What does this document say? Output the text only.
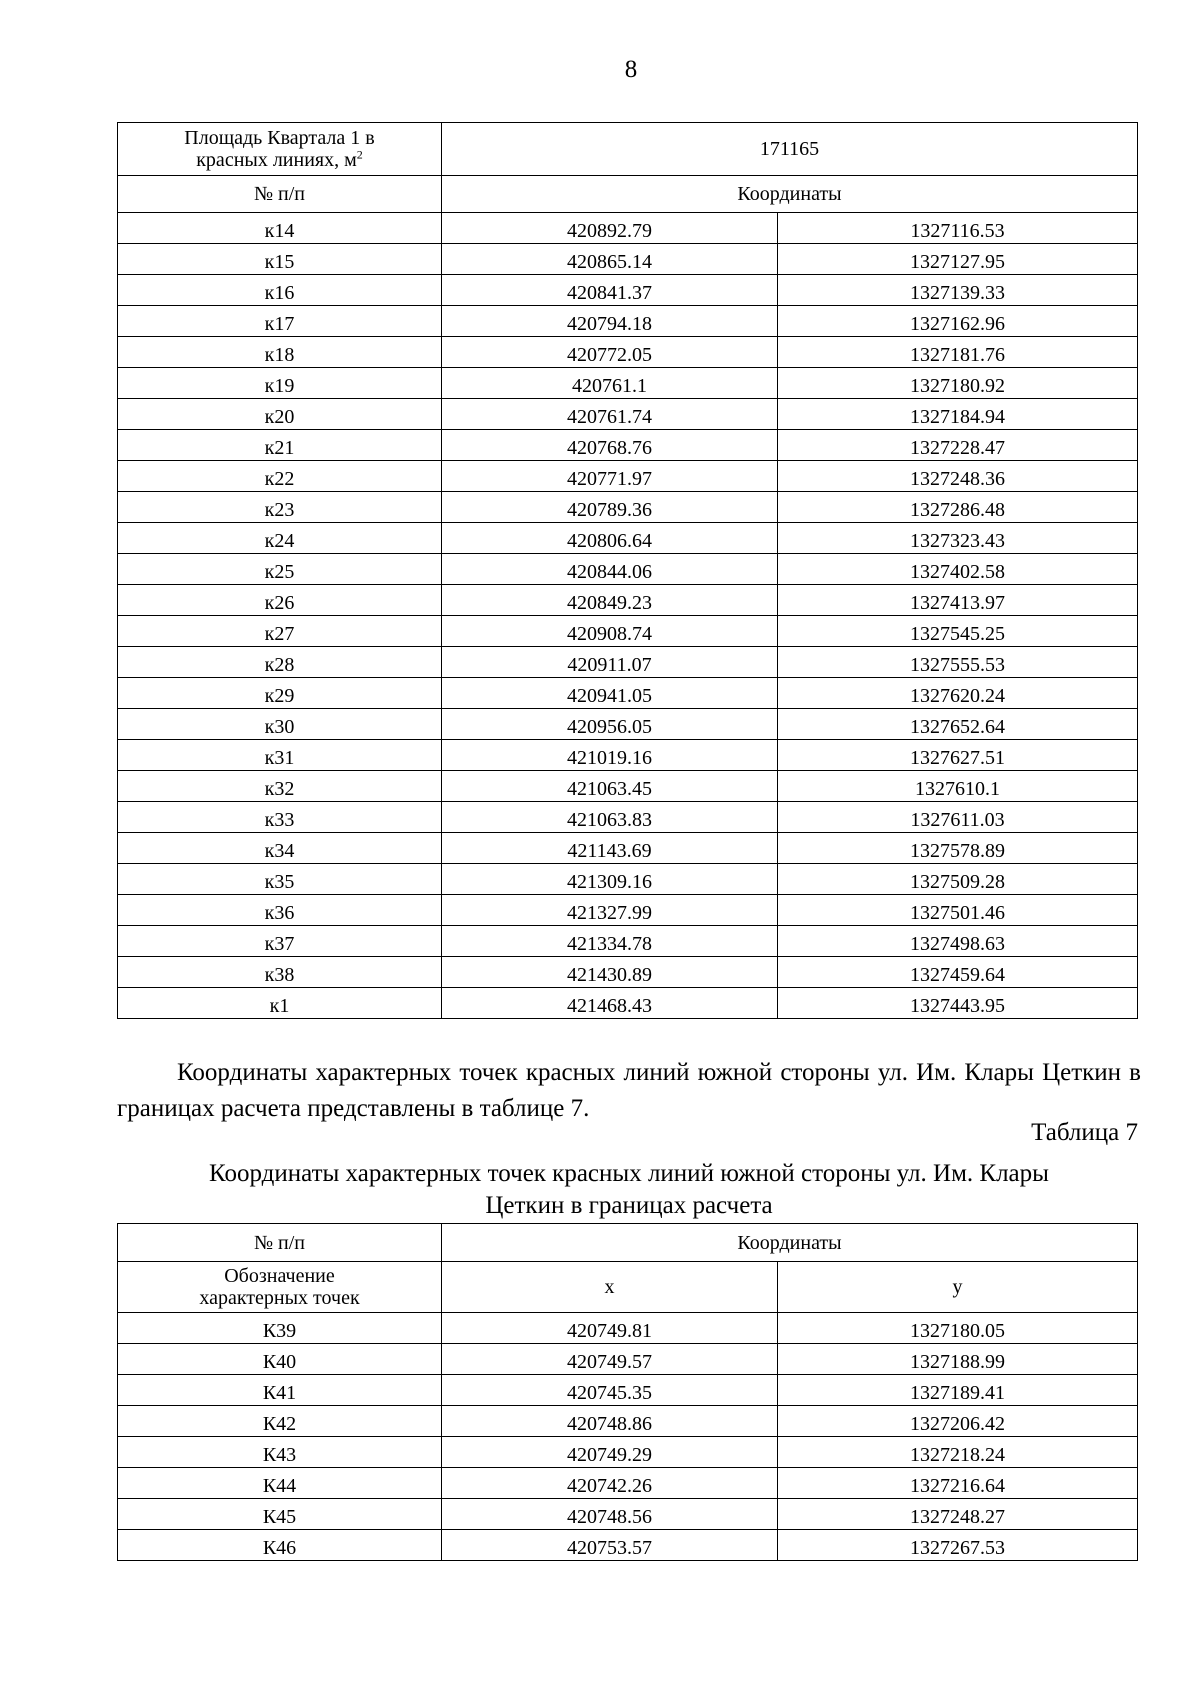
8
Площадь Квартала 1 в
красных линиях, $м^2$	171165	
№ п/п	Координаты	
к14	420892.79	1327116.53
к15	420865.14	1327127.95
к16	420841.37	1327139.33
к17	420794.18	1327162.96
к18	420772.05	1327181.76
к19	420761.1	1327180.92
к20	420761.74	1327184.94
к21	420768.76	1327228.47
к22	420771.97	1327248.36
к23	420789.36	1327286.48
к24	420806.64	1327323.43
к25	420844.06	1327402.58
к26	420849.23	1327413.97
к27	420908.74	1327545.25
к28	420911.07	1327555.53
к29	420941.05	1327620.24
к30	420956.05	1327652.64
к31	421019.16	1327627.51
к32	421063.45	1327610.1
к33	421063.83	1327611.03
к34	421143.69	1327578.89
к35	421309.16	1327509.28
к36	421327.99	1327501.46
к37	421334.78	1327498.63
к38	421430.89	1327459.64
к1	421468.43	1327443.95

Координаты характерных точек красных линий южной стороны ул. Им. Клары Цеткин в границах расчета представлены в таблице 7.

Таблица 7

Координаты характерных точек красных линий южной стороны ул. Им. Клары
Цеткин в границах расчета

№ п/п	Координаты	
Обозначение
характерных точек	x	y
К39	420749.81	1327180.05
К40	420749.57	1327188.99
К41	420745.35	1327189.41
К42	420748.86	1327206.42
К43	420749.29	1327218.24
К44	420742.26	1327216.64
К45	420748.56	1327248.27
К46	420753.57	1327267.53
